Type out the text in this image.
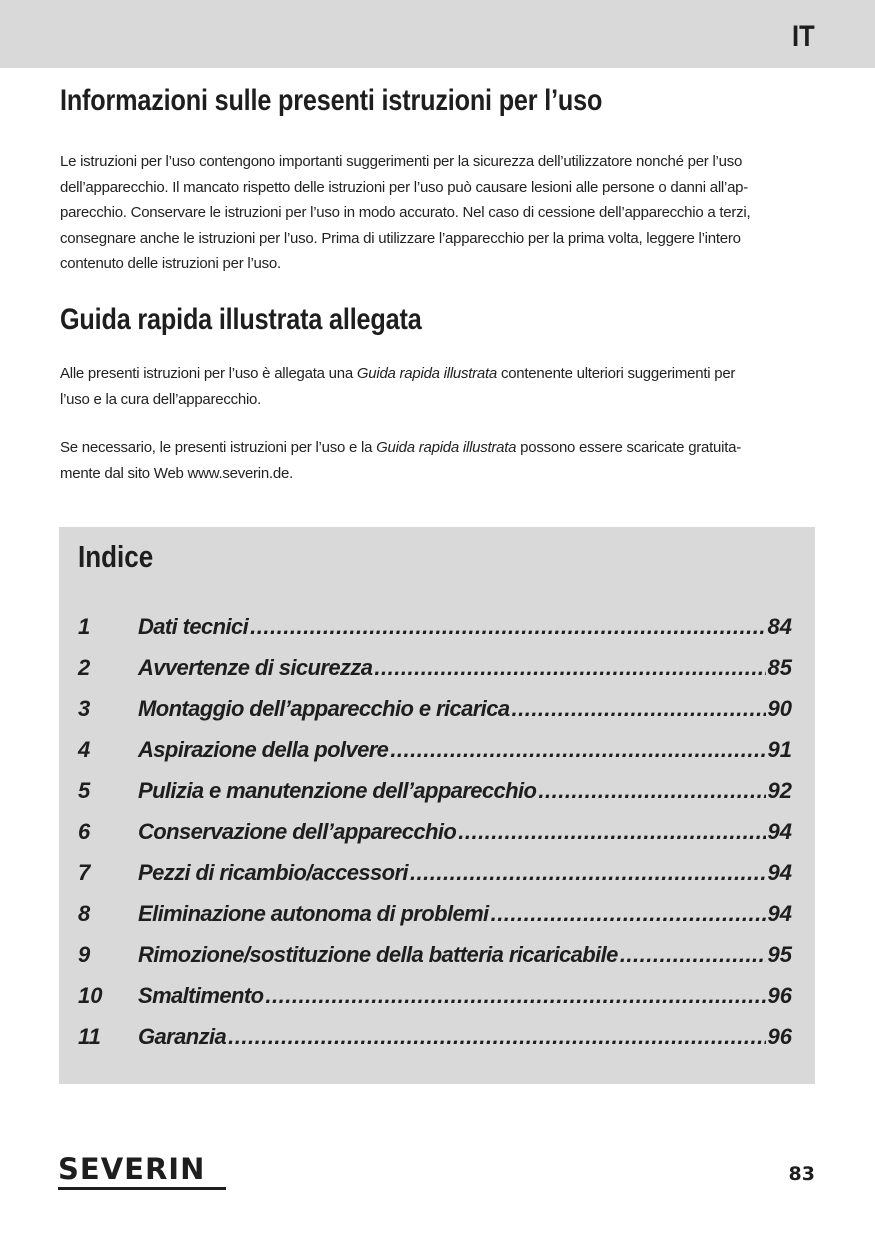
IT
Informazioni sulle presenti istruzioni per l’uso

Le istruzioni per l’uso contengono importanti suggerimenti per la sicurezza dell’utilizzatore nonché per l’uso
dell’apparecchio. Il mancato rispetto delle istruzioni per l’uso può causare lesioni alle persone o danni all’ap-
parecchio. Conservare le istruzioni per l’uso in modo accurato. Nel caso di cessione dell’apparecchio a terzi,
consegnare anche le istruzioni per l’uso. Prima di utilizzare l’apparecchio per la prima volta, leggere l’intero
contenuto delle istruzioni per l’uso.

Guida rapida illustrata allegata

Alle presenti istruzioni per l’uso è allegata una Guida rapida illustrata contenente ulteriori suggerimenti per
l’uso e la cura dell’apparecchio.

Se necessario, le presenti istruzioni per l’uso e la Guida rapida illustrata possono essere scaricate gratuita-
mente dal sito Web www.severin.de.

Indice
1	Dati tecnici .....	84
2	Avvertenze di sicurezza .....	85
3	Montaggio dell’apparecchio e ricarica .....	90
4	Aspirazione della polvere .....	91
5	Pulizia e manutenzione dell’apparecchio .....	92
6	Conservazione dell’apparecchio .....	94
7	Pezzi di ricambio/accessori .....	94
8	Eliminazione autonoma di problemi .....	94
9	Rimozione/sostituzione della batteria ricaricabile .....	95
10	Smaltimento .....	96
11	Garanzia .....	96
SEVERIN	83
